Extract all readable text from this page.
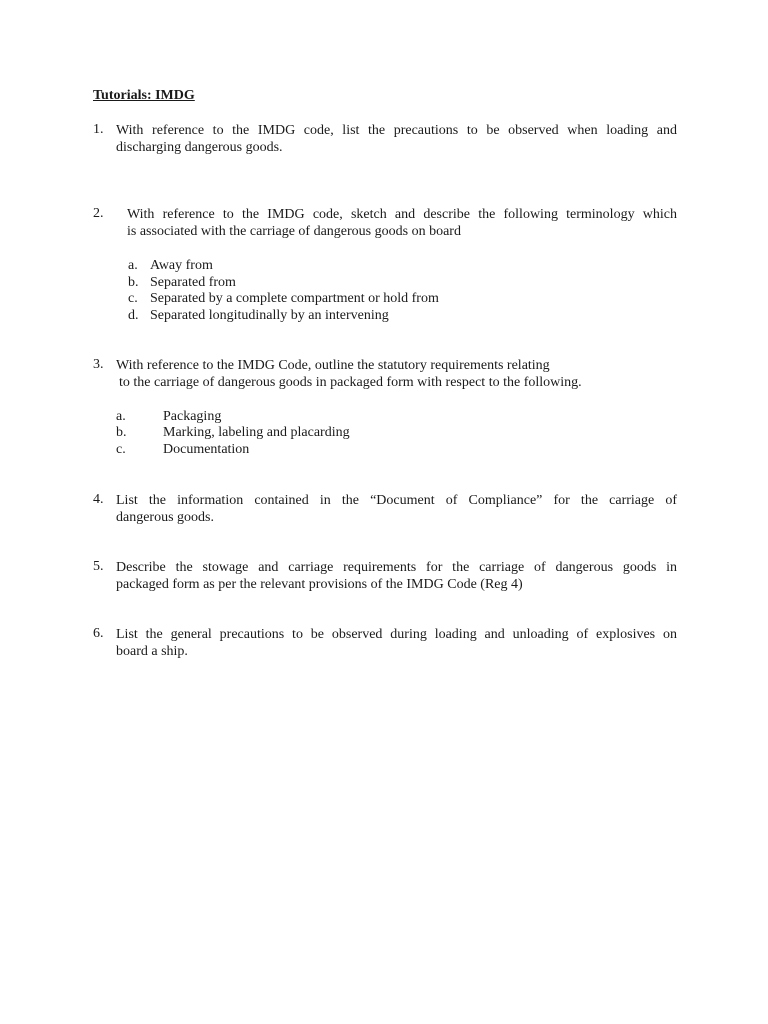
Tutorials: IMDG
1. With reference to the IMDG code, list the precautions to be observed when loading and
discharging dangerous goods.
2. With reference to the IMDG code, sketch and describe the following terminology which
is associated with the carriage of dangerous goods on board
a. Away from
b. Separated from
c. Separated by a complete compartment or hold from
d. Separated longitudinally by an intervening
3. With reference to the IMDG Code, outline the statutory requirements relating
to the carriage of dangerous goods in packaged form with respect to the following.
a.	Packaging
b.	Marking, labeling and placarding
c.	Documentation
4. List the information contained in the “Document of Compliance” for the carriage of
dangerous goods.
5. Describe the stowage and carriage requirements for the carriage of dangerous goods in
packaged form as per the relevant provisions of the IMDG Code (Reg 4)
6. List the general precautions to be observed during loading and unloading of explosives on
board a ship.
